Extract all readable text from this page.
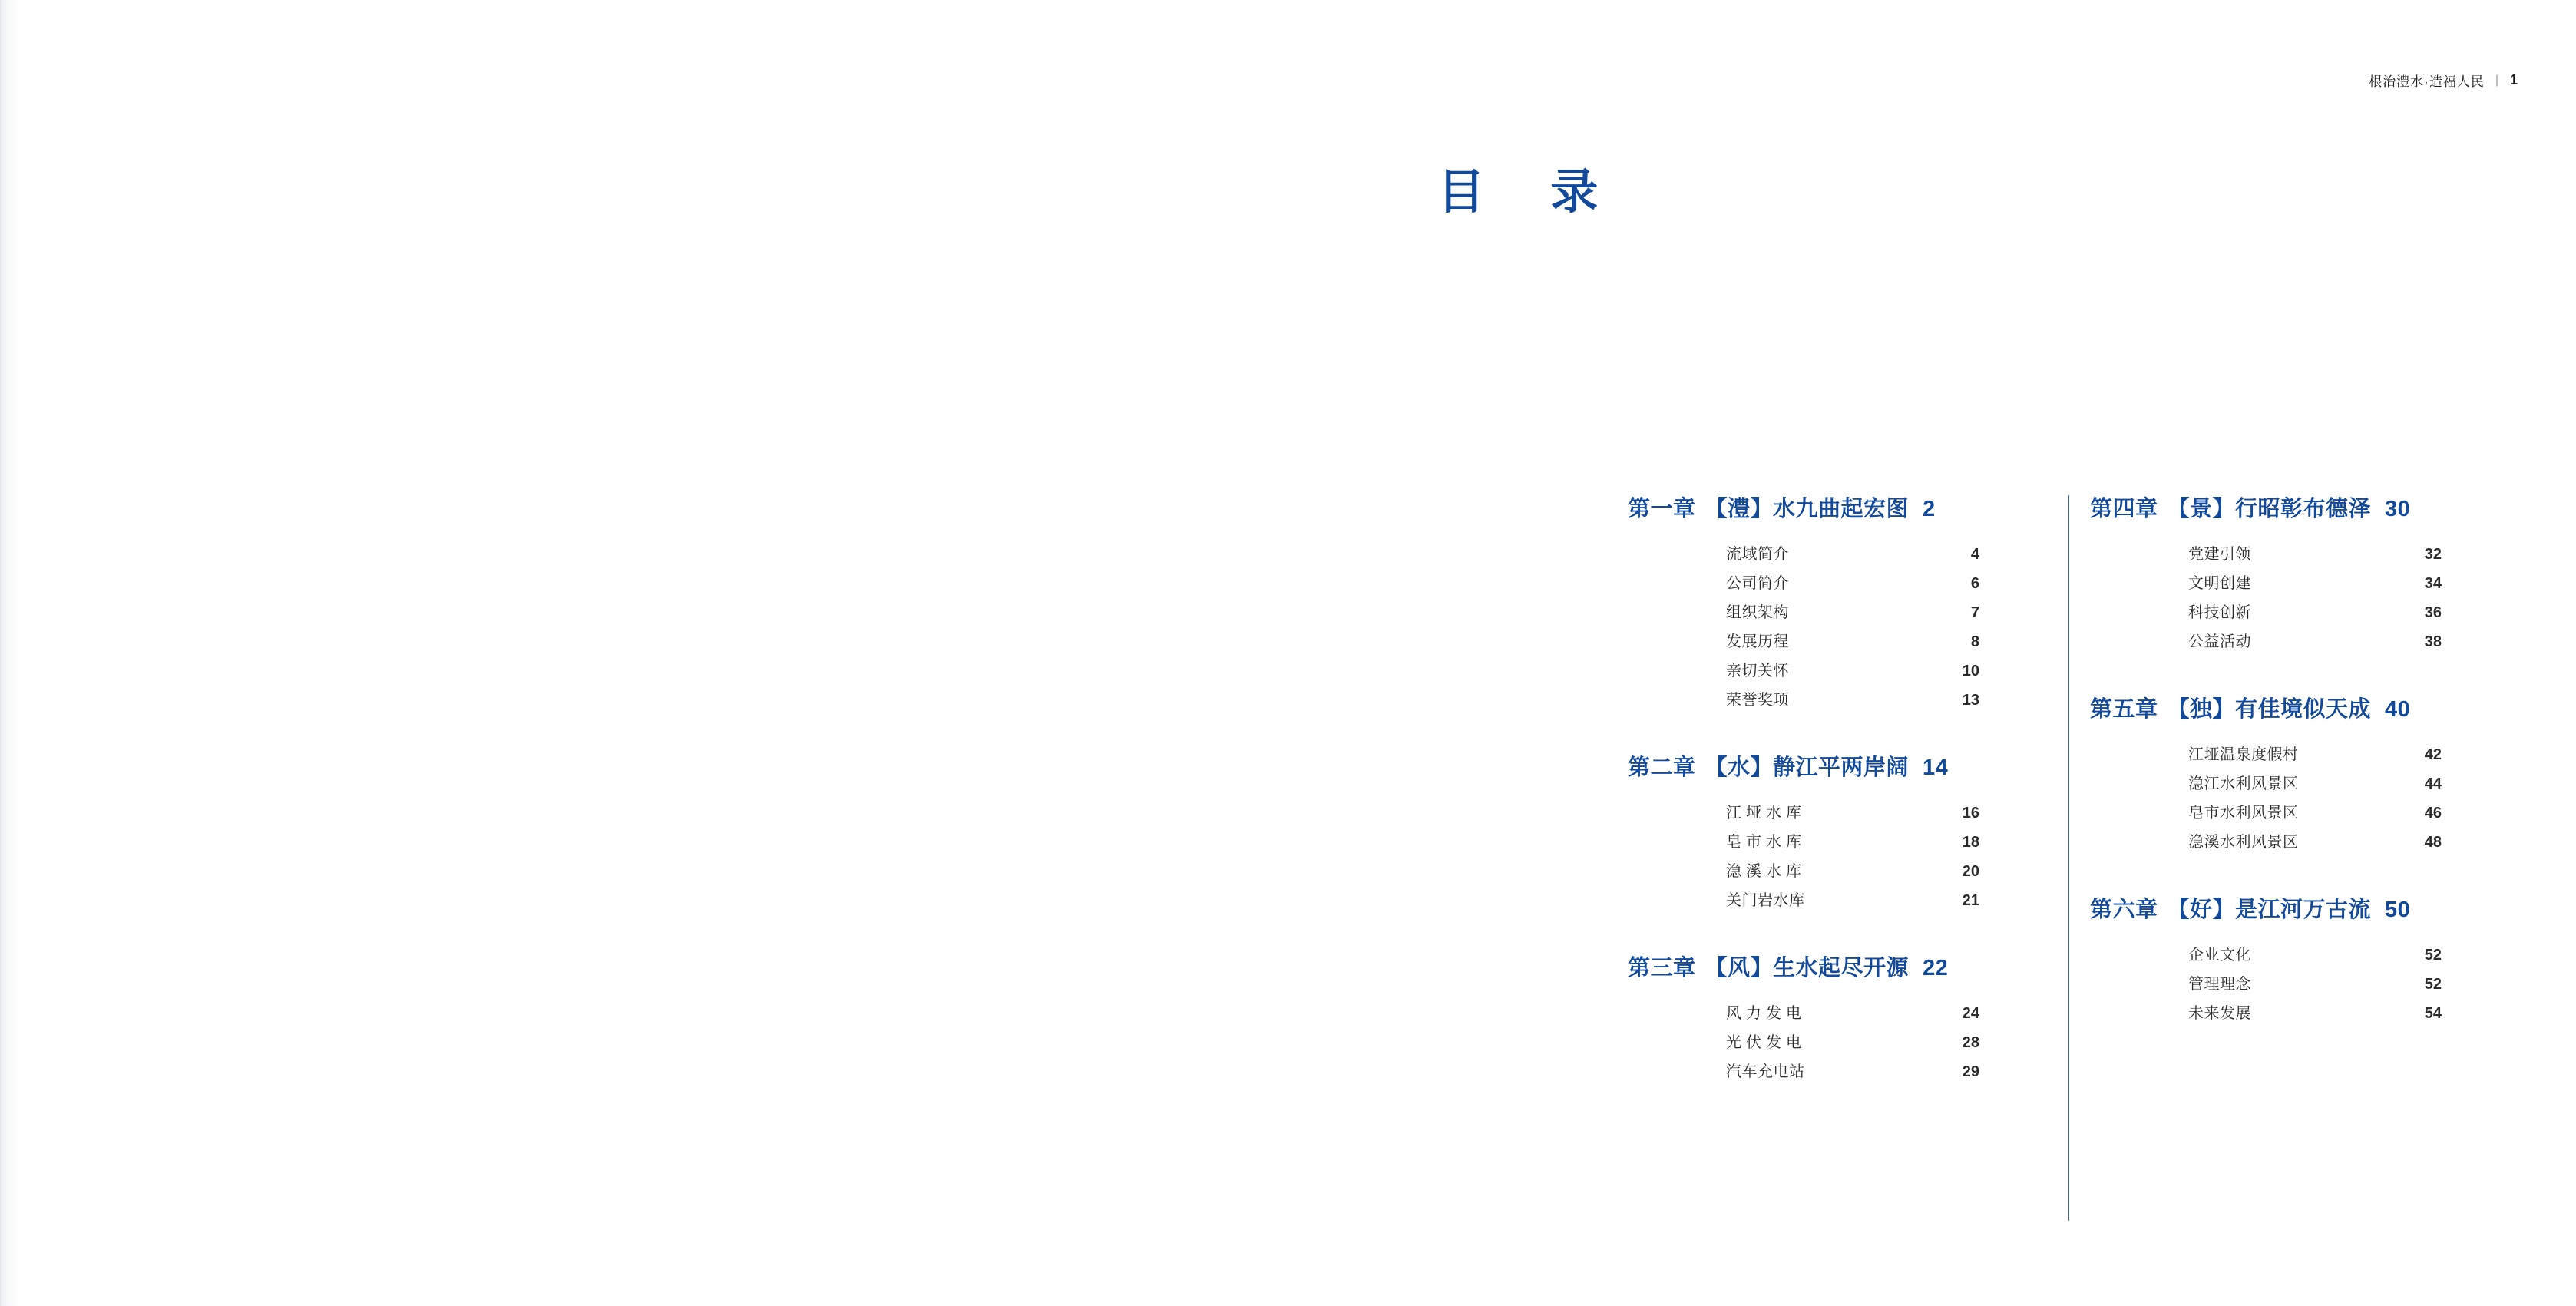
根治澧水·造福人民 | 1
目 录
第一章 【澧】水九曲起宏图 2
流域简介	4
公司简介	6
组织架构	7
发展历程	8
亲切关怀	10
荣誉奖项	13
第二章 【水】静江平两岸阔 14
江垭水库	16
皂市水库	18
㴔溪水库	20
关门岩水库	21
第三章 【风】生水起尽开源 22
风力发电	24
光伏发电	28
汽车充电站	29
第四章 【景】行昭彰布德泽 30
党建引领	32
文明创建	34
科技创新	36
公益活动	38
第五章 【独】有佳境似天成 40
江垭温泉度假村	42
㴔江水利风景区	44
皂市水利风景区	46
㴔溪水利风景区	48
第六章 【好】是江河万古流 50
企业文化	52
管理理念	52
未来发展	54
